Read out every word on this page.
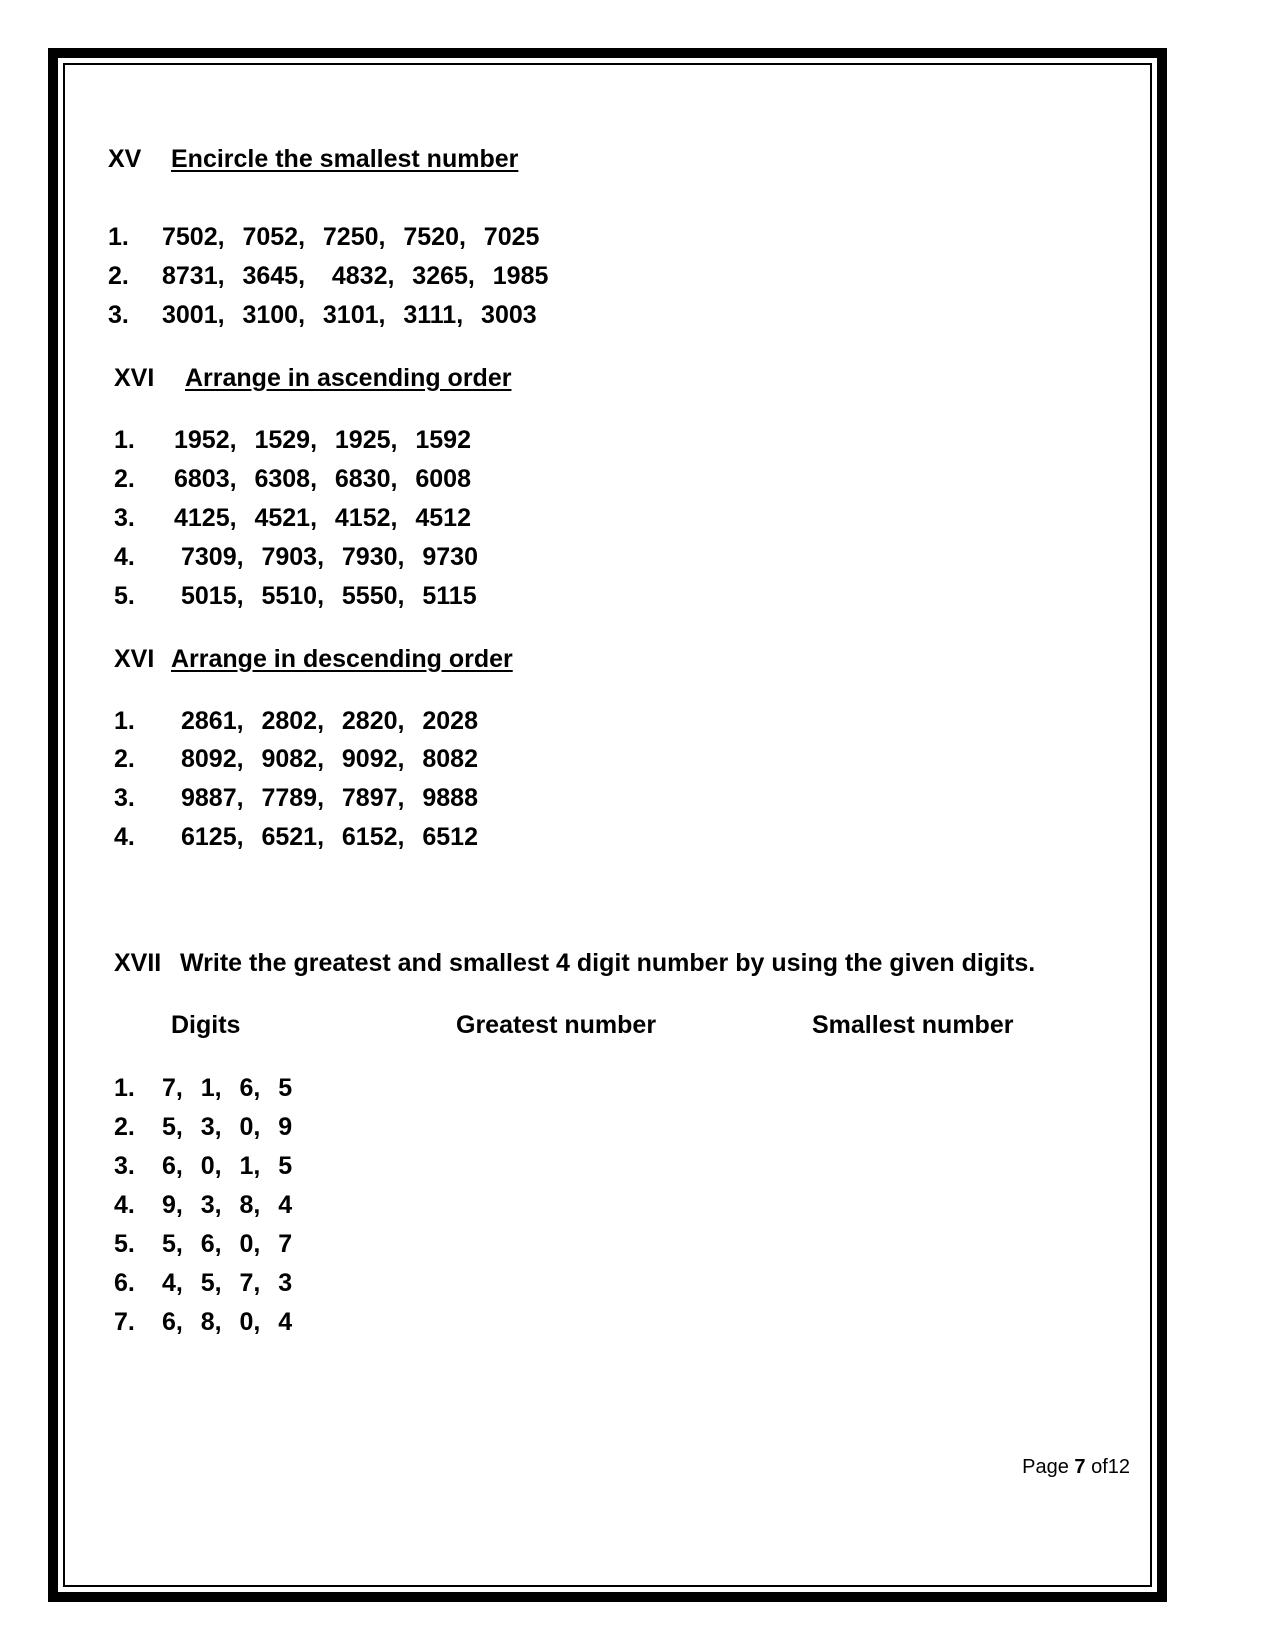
XV Encircle the smallest number
1. 7502,  7052,  7250,  7520,  7025
2. 8731,  3645,   4832,  3265,  1985
3. 3001,  3100,  3101,  3111,  3003
XVI Arrange in ascending order
1. 1952,  1529,  1925,  1592
2. 6803,  6308,  6830,  6008
3. 4125,  4521,  4152,  4512
4. 7309,  7903,  7930,  9730
5. 5015,  5510,  5550,  5115
XVI Arrange in descending order
1. 2861,  2802,  2820,  2028
2. 8092,  9082,  9092,  8082
3. 9887,  7789,  7897,  9888
4. 6125,  6521,  6152,  6512
XVII Write the greatest and smallest 4 digit number by using the given digits.
Digits	Greatest number	Smallest number
1. 7,  1,  6,  5
2. 5,  3,  0,  9
3. 6,  0,  1,  5
4. 9,  3,  8,  4
5. 5,  6,  0,  7
6. 4,  5,  7,  3
7. 6,  8,  0,  4
Page 7 of12
